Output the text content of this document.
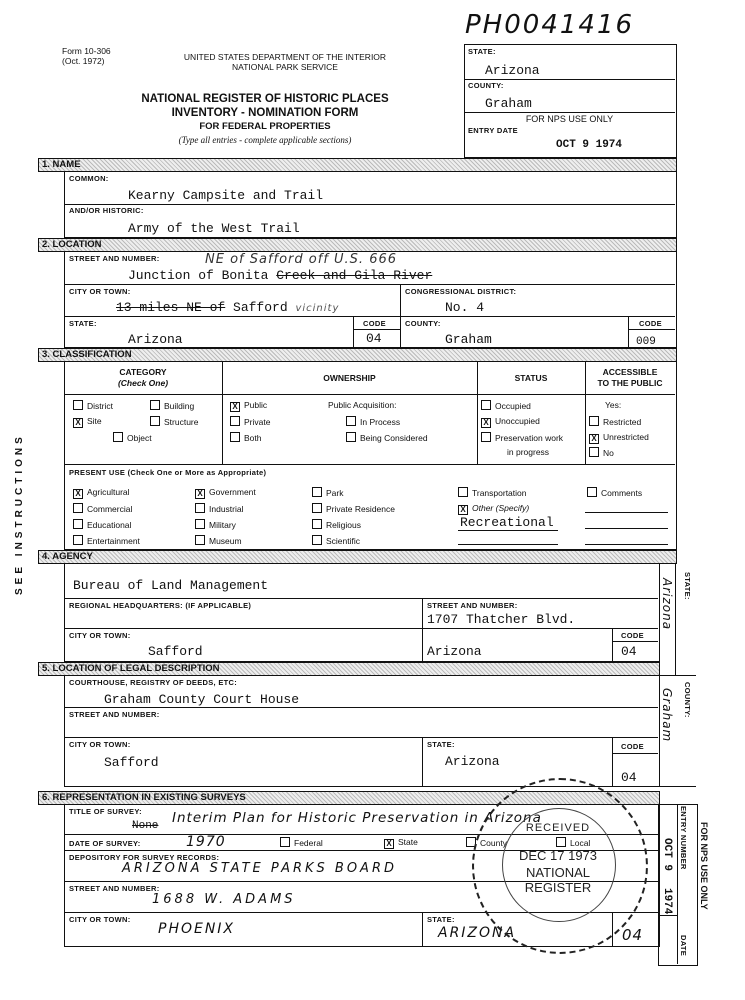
PH0041416
Form 10-306
(Oct. 1972)	UNITED STATES DEPARTMENT OF THE INTERIOR
NATIONAL PARK SERVICE
NATIONAL REGISTER OF HISTORIC PLACES
INVENTORY - NOMINATION FORM
FOR FEDERAL PROPERTIES
(Type all entries - complete applicable sections)
STATE:
Arizona
COUNTY:
Graham
FOR NPS USE ONLY
ENTRY DATE
OCT 9 1974
SEE INSTRUCTIONS
1. NAME
COMMON:
Kearny Campsite and Trail
AND/OR HISTORIC:
Army of the West Trail
2. LOCATION
STREET AND NUMBER:	NE of Safford off U.S. 666
Junction of Bonita Creek and Gila River
CITY OR TOWN:
13 miles NE of Safford vicinity
CONGRESSIONAL DISTRICT:
No. 4
STATE:
Arizona
CODE
04
COUNTY:
Graham
CODE
009
3. CLASSIFICATION
CATEGORY
(Check One)	OWNERSHIP	STATUS
ACCESSIBLE
TO THE PUBLIC
District	Building
X Site	Structure
Object
X Public
Private
Both
Public Acquisition:
In Process
Being Considered
Occupied
X Unoccupied
Preservation work
in progress
Yes:
Restricted
X Unrestricted
No
PRESENT USE (Check One or More as Appropriate)
X Agricultural
Commercial
Educational
Entertainment
X Government
Industrial
Military
Museum
Park
Private Residence
Religious
Scientific
Transportation
X Other (Specify)
Recreational
Comments
4. AGENCY
Bureau of Land Management
REGIONAL HEADQUARTERS: (IF APPLICABLE)	STREET AND NUMBER:
1707 Thatcher Blvd.
CITY OR TOWN:
Safford	Arizona
CODE
04
5. LOCATION OF LEGAL DESCRIPTION
COURTHOUSE, REGISTRY OF DEEDS, ETC:
Graham County Court House
STREET AND NUMBER:
CITY OR TOWN:
Safford
STATE:
Arizona
CODE
04
6. REPRESENTATION IN EXISTING SURVEYS
TITLE OF SURVEY:
None Interim Plan for Historic Preservation in Arizona
DATE OF SURVEY:	1970	Federal	X State	County	Local
DEPOSITORY FOR SURVEY RECORDS:
ARIZONA STATE PARKS BOARD
STREET AND NUMBER:
1688 W. ADAMS
CITY OR TOWN:
PHOENIX
STATE:
ARIZONA	04
STATE:
Arizona
COUNTY:
Graham
ENTRY NUMBER
DATE
FOR NPS USE ONLY
OCT 9
1974
RECEIVED
DEC 17 1973
NATIONAL
REGISTER
